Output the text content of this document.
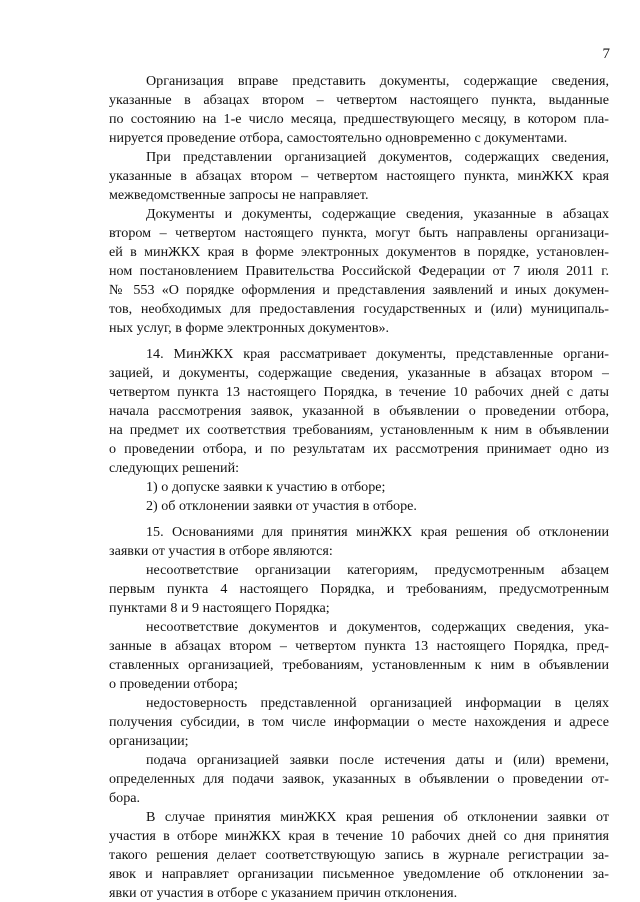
7
Организация вправе представить документы, содержащие сведения,
указанные в абзацах втором – четвертом настоящего пункта, выданные
по состоянию на 1-е число месяца, предшествующего месяцу, в котором пла-
нируется проведение отбора, самостоятельно одновременно с документами.
При представлении организацией документов, содержащих сведения,
указанные в абзацах втором – четвертом настоящего пункта, минЖКХ края
межведомственные запросы не направляет.
Документы и документы, содержащие сведения, указанные в абзацах
втором – четвертом настоящего пункта, могут быть направлены организаци-
ей в минЖКХ края в форме электронных документов в порядке, установлен-
ном постановлением Правительства Российской Федерации от 7 июля 2011 г.
№ 553 «О порядке оформления и представления заявлений и иных докумен-
тов, необходимых для предоставления государственных и (или) муниципаль-
ных услуг, в форме электронных документов».
14. МинЖКХ края рассматривает документы, представленные органи-
зацией, и документы, содержащие сведения, указанные в абзацах втором –
четвертом пункта 13 настоящего Порядка, в течение 10 рабочих дней с даты
начала рассмотрения заявок, указанной в объявлении о проведении отбора,
на предмет их соответствия требованиям, установленным к ним в объявлении
о проведении отбора, и по результатам их рассмотрения принимает одно из
следующих решений:
1) о допуске заявки к участию в отборе;
2) об отклонении заявки от участия в отборе.
15. Основаниями для принятия минЖКХ края решения об отклонении
заявки от участия в отборе являются:
несоответствие организации категориям, предусмотренным абзацем
первым пункта 4 настоящего Порядка, и требованиям, предусмотренным
пунктами 8 и 9 настоящего Порядка;
несоответствие документов и документов, содержащих сведения, ука-
занные в абзацах втором – четвертом пункта 13 настоящего Порядка, пред-
ставленных организацией, требованиям, установленным к ним в объявлении
о проведении отбора;
недостоверность представленной организацией информации в целях
получения субсидии, в том числе информации о месте нахождения и адресе
организации;
подача организацией заявки после истечения даты и (или) времени,
определенных для подачи заявок, указанных в объявлении о проведении от-
бора.
В случае принятия минЖКХ края решения об отклонении заявки от
участия в отборе минЖКХ края в течение 10 рабочих дней со дня принятия
такого решения делает соответствующую запись в журнале регистрации за-
явок и направляет организации письменное уведомление об отклонении за-
явки от участия в отборе с указанием причин отклонения.
